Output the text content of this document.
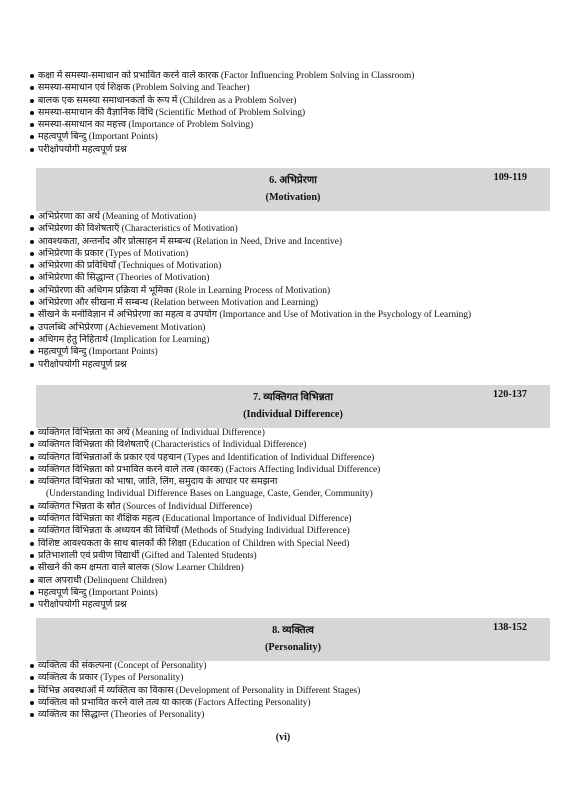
कक्षा में समस्या-समाधान को प्रभावित करने वाले कारक (Factor Influencing Problem Solving in Classroom)
समस्या-समाधान एवं शिक्षक (Problem Solving and Teacher)
बालक एक समस्या समाधानकर्ता के रूप में (Children as a Problem Solver)
समस्या-समाधान की वैज्ञानिक विधि (Scientific Method of Problem Solving)
समस्या-समाधान का महत्त्व (Importance of Problem Solving)
महत्वपूर्ण बिन्दु (Important Points)
परीक्षोपयोगी महत्वपूर्ण प्रश्न
6. अभिप्रेरणा
(Motivation)
109-119
अभिप्रेरणा का अर्थ (Meaning of Motivation)
अभिप्रेरणा की विशेषताएँ (Characteristics of Motivation)
आवश्यकता, अन्तर्नोद और प्रोत्साहन में सम्बन्ध (Relation in Need, Drive and Incentive)
अभिप्रेरणा के प्रकार (Types of Motivation)
अभिप्रेरणा की प्रविधियाँ (Techniques of Motivation)
अभिप्रेरणा की सिद्धान्त (Theories of Motivation)
अभिप्रेरणा की अधिगम प्रक्रिया में भूमिका (Role in Learning Process of Motivation)
अभिप्रेरणा और सीखना में सम्बन्ध (Relation between Motivation and Learning)
सीखने के मनोविज्ञान में अभिप्रेरणा का महत्व व उपयोग (Importance and Use of Motivation in the Psychology of Learning)
उपलब्धि अभिप्रेरणा (Achievement Motivation)
अधिगम हेतु निहितार्थ (Implication for Learning)
महत्वपूर्ण बिन्दु (Important Points)
परीक्षोपयोगी महत्वपूर्ण प्रश्न
7. व्यक्तिगत विभिन्नता
(Individual Difference)
120-137
व्यक्तिगत विभिन्नता का अर्थ (Meaning of Individual Difference)
व्यक्तिगत विभिन्नता की विशेषताएँ (Characteristics of Individual Difference)
व्यक्तिगत विभिन्नताओं के प्रकार एवं पहचान (Types and Identification of Individual Difference)
व्यक्तिगत विभिन्नता को प्रभावित करने वाले तत्व (कारक) (Factors Affecting Individual Difference)
व्यक्तिगत विभिन्नता को भाषा, जाति, लिंग, समुदाय के आधार पर समझना
(Understanding Individual Difference Bases on Language, Caste, Gender, Community)
व्यक्तिगत भिन्नता के स्रोत (Sources of Individual Difference)
व्यक्तिगत विभिन्नता का शैक्षिक महत्व (Educational Importance of Individual Difference)
व्यक्तिगत विभिन्नता के अध्ययन की विधियाँ (Methods of Studying Individual Difference)
विशिष्ट आवश्यकता के साथ बालकों की शिक्षा (Education of Children with Special Need)
प्रतिभाशाली एवं प्रवीण विद्यार्थी (Gifted and Talented Students)
सीखने की कम क्षमता वाले बालक (Slow Learner Children)
बाल अपराधी (Delinquent Children)
महत्वपूर्ण बिन्दु (Important Points)
परीक्षोपयोगी महत्वपूर्ण प्रश्न
8. व्यक्तित्व
(Personality)
138-152
व्यक्तित्व की संकल्पना (Concept of Personality)
व्यक्तित्व के प्रकार (Types of Personality)
विभिन्न अवस्थाओं में व्यक्तित्व का विकास (Development of Personality in Different Stages)
व्यक्तित्व को प्रभावित करने वाले तत्व या कारक (Factors Affecting Personality)
व्यक्तित्व का सिद्धान्त (Theories of Personality)
(vi)
